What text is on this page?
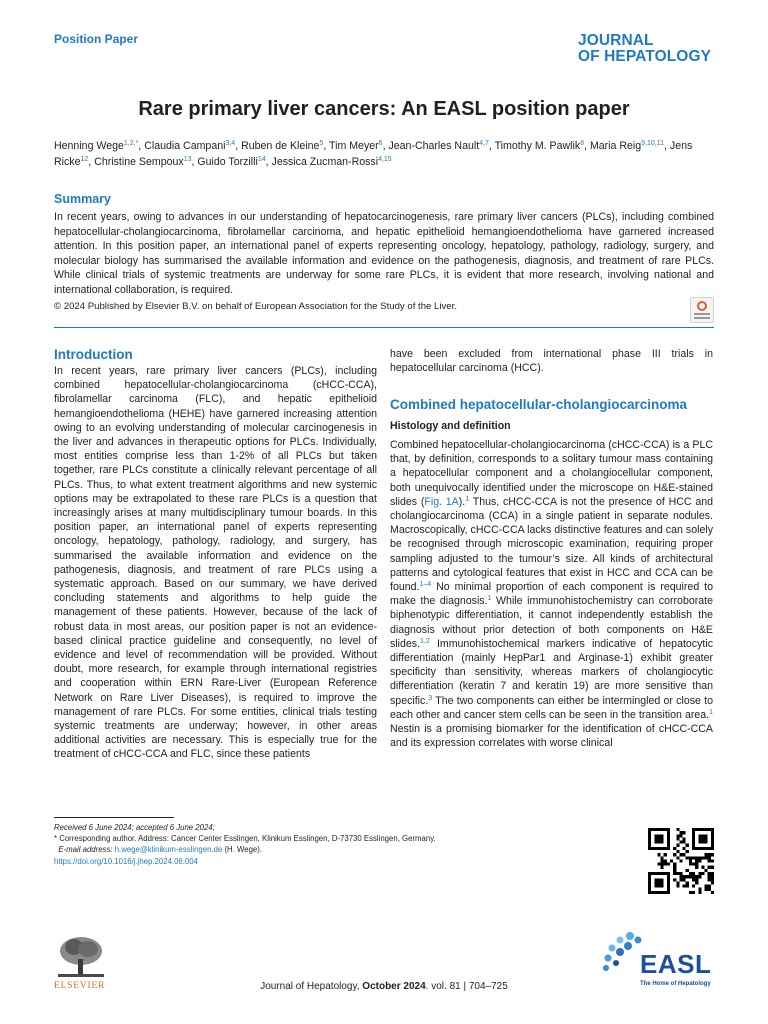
Position Paper	JOURNAL
OF HEPATOLOGY
Rare primary liver cancers: An EASL position paper
Henning Wege$^{1,2,*}$, Claudia Campani$^{3,4}$, Ruben de Kleine$^5$, Tim Meyer$^6$, Jean-Charles Nault$^{4,7}$, Timothy M. Pawlik$^8$, Maria Reig$^{9,10,11}$, Jens Ricke$^{12}$, Christine Sempoux$^{13}$, Guido Torzilli$^{14}$, Jessica Zucman-Rossi$^{4,15}$
Summary
In recent years, owing to advances in our understanding of hepatocarcinogenesis, rare primary liver cancers (PLCs), including combined hepatocellular-cholangiocarcinoma, fibrolamellar carcinoma, and hepatic epithelioid hemangioendothelioma have garnered increased attention. In this position paper, an international panel of experts representing oncology, hepatology, pathology, radiology, surgery, and molecular biology has summarised the available information and evidence on the pathogenesis, diagnosis, and treatment of rare PLCs. While clinical trials of systemic treatments are underway for some rare PLCs, it is evident that more research, involving national and international collaboration, is required.
© 2024 Published by Elsevier B.V. on behalf of European Association for the Study of the Liver.
Introduction
In recent years, rare primary liver cancers (PLCs), including combined hepatocellular-cholangiocarcinoma (cHCC-CCA), fibrolamellar carcinoma (FLC), and hepatic epithelioid hemangioendothelioma (HEHE) have garnered increasing attention owing to an evolving understanding of molecular carcinogenesis in the liver and advances in therapeutic options for PLCs. Individually, most entities comprise less than 1-2% of all PLCs but taken together, rare PLCs constitute a clinically relevant percentage of all PLCs. Thus, to what extent treatment algorithms and new systemic options may be extrapolated to these rare PLCs is a question that increasingly arises at many multidisciplinary tumour boards. In this position paper, an international panel of experts representing oncology, hepatology, pathology, radiology, and surgery, has summarised the available information and evidence on the pathogenesis, diagnosis, and treatment of rare PLCs using a systematic approach. Based on our summary, we have derived concluding statements and algorithms to help guide the management of these patients. However, because of the lack of robust data in most areas, our position paper is not an evidence-based clinical practice guideline and consequently, no level of evidence and level of recommendation will be provided. Without doubt, more research, for example through international registries and cooperation within ERN Rare-Liver (European Reference Network on Rare Liver Diseases), is required to improve the management of rare PLCs. For some entities, clinical trials testing systemic treatments are underway; however, in other areas additional activities are necessary. This is especially true for the treatment of cHCC-CCA and FLC, since these patients
have been excluded from international phase III trials in hepatocellular carcinoma (HCC).
Combined hepatocellular-cholangiocarcinoma
Histology and definition
Combined hepatocellular-cholangiocarcinoma (cHCC-CCA) is a PLC that, by definition, corresponds to a solitary tumour mass containing a hepatocellular component and a cholangiocellular component, both unequivocally identified under the microscope on H&E-stained slides (Fig. 1A).$^1$ Thus, cHCC-CCA is not the presence of HCC and cholangiocarcinoma (CCA) in a single patient in separate nodules. Macroscopically, cHCC-CCA lacks distinctive features and can solely be recognised through microscopic examination, requiring proper sampling adjusted to the tumour’s size. All kinds of architectural patterns and cytological features that exist in HCC and CCA can be found.$^{1-4}$ No minimal proportion of each component is required to make the diagnosis.$^1$ While immunohistochemistry can corroborate biphenotypic differentiation, it cannot independently establish the diagnosis without prior detection of both components on H&E slides.$^{1,2}$ Immunohistochemical markers indicative of hepatocytic differentiation (mainly HepPar1 and Arginase-1) exhibit greater specificity than sensitivity, whereas markers of cholangiocytic differentiation (keratin 7 and keratin 19) are more sensitive than specific.$^3$ The two components can either be intermingled or close to each other and cancer stem cells can be seen in the transition area.$^1$ Nestin is a promising biomarker for the identification of cHCC-CCA and its expression correlates with worse clinical
Received 6 June 2024; accepted 6 June 2024;
* Corresponding author. Address: Cancer Center Esslingen, Klinikum Esslingen, D-73730 Esslingen, Germany.
E-mail address: h.wege@klinikum-esslingen.de (H. Wege).
https://doi.org/10.1016/j.jhep.2024.06.004
ELSEVIER	Journal of Hepatology, October 2024. vol. 81 | 704–725
EASL
The Home of Hepatology
